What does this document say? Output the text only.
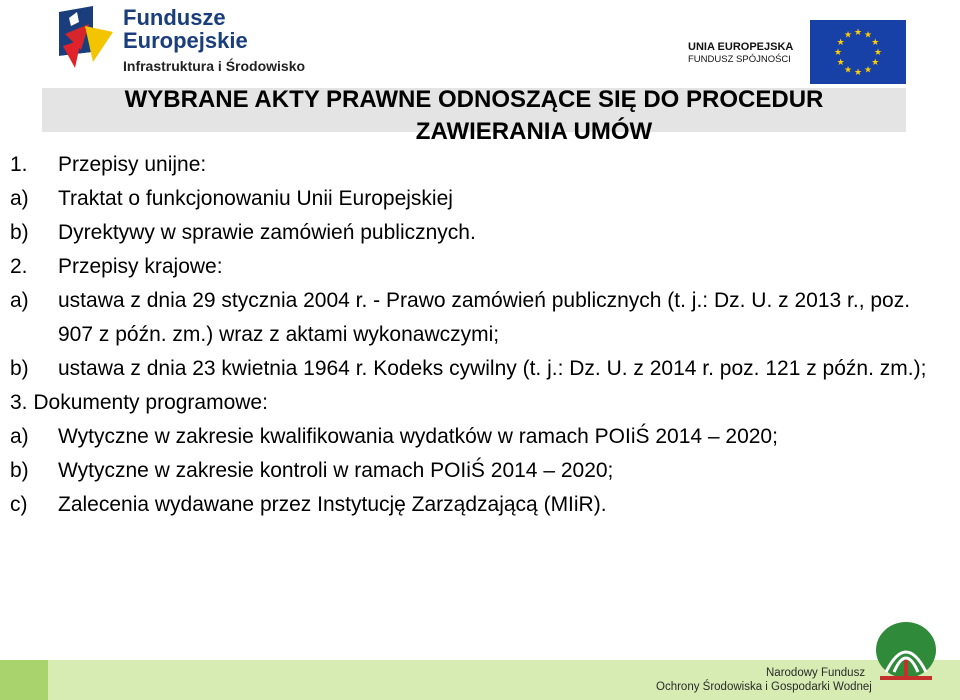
Fundusze
Europejskie
Infrastruktura i Środowisko
UNIA EUROPEJSKA
FUNDUSZ SPÓJNOŚCI
★ ★
★
★
★
★
★
★
★
★
★
★
WYBRANE AKTY PRAWNE ODNOSZĄCE SIĘ DO PROCEDUR
ZAWIERANIA UMÓW
1.	Przepisy unijne:
a)	Traktat o funkcjonowaniu Unii Europejskiej
b)	Dyrektywy w sprawie zamówień publicznych.
2.	Przepisy krajowe:
a)	ustawa z dnia 29 stycznia 2004 r. - Prawo zamówień publicznych (t. j.: Dz. U. z 2013 r., poz. 907 z późn. zm.) wraz z aktami wykonawczymi;
b)	ustawa z dnia 23 kwietnia 1964 r. Kodeks cywilny (t. j.: Dz. U. z 2014 r. poz. 121 z późn. zm.);
3. Dokumenty programowe:
a)	Wytyczne w zakresie kwalifikowania wydatków w ramach POIiŚ 2014 – 2020;
b)	Wytyczne w zakresie kontroli w ramach POIiŚ 2014 – 2020;
c)	Zalecenia wydawane przez Instytucję Zarządzającą (MIiR).
Narodowy Fundusz
Ochrony Środowiska i Gospodarki Wodnej
